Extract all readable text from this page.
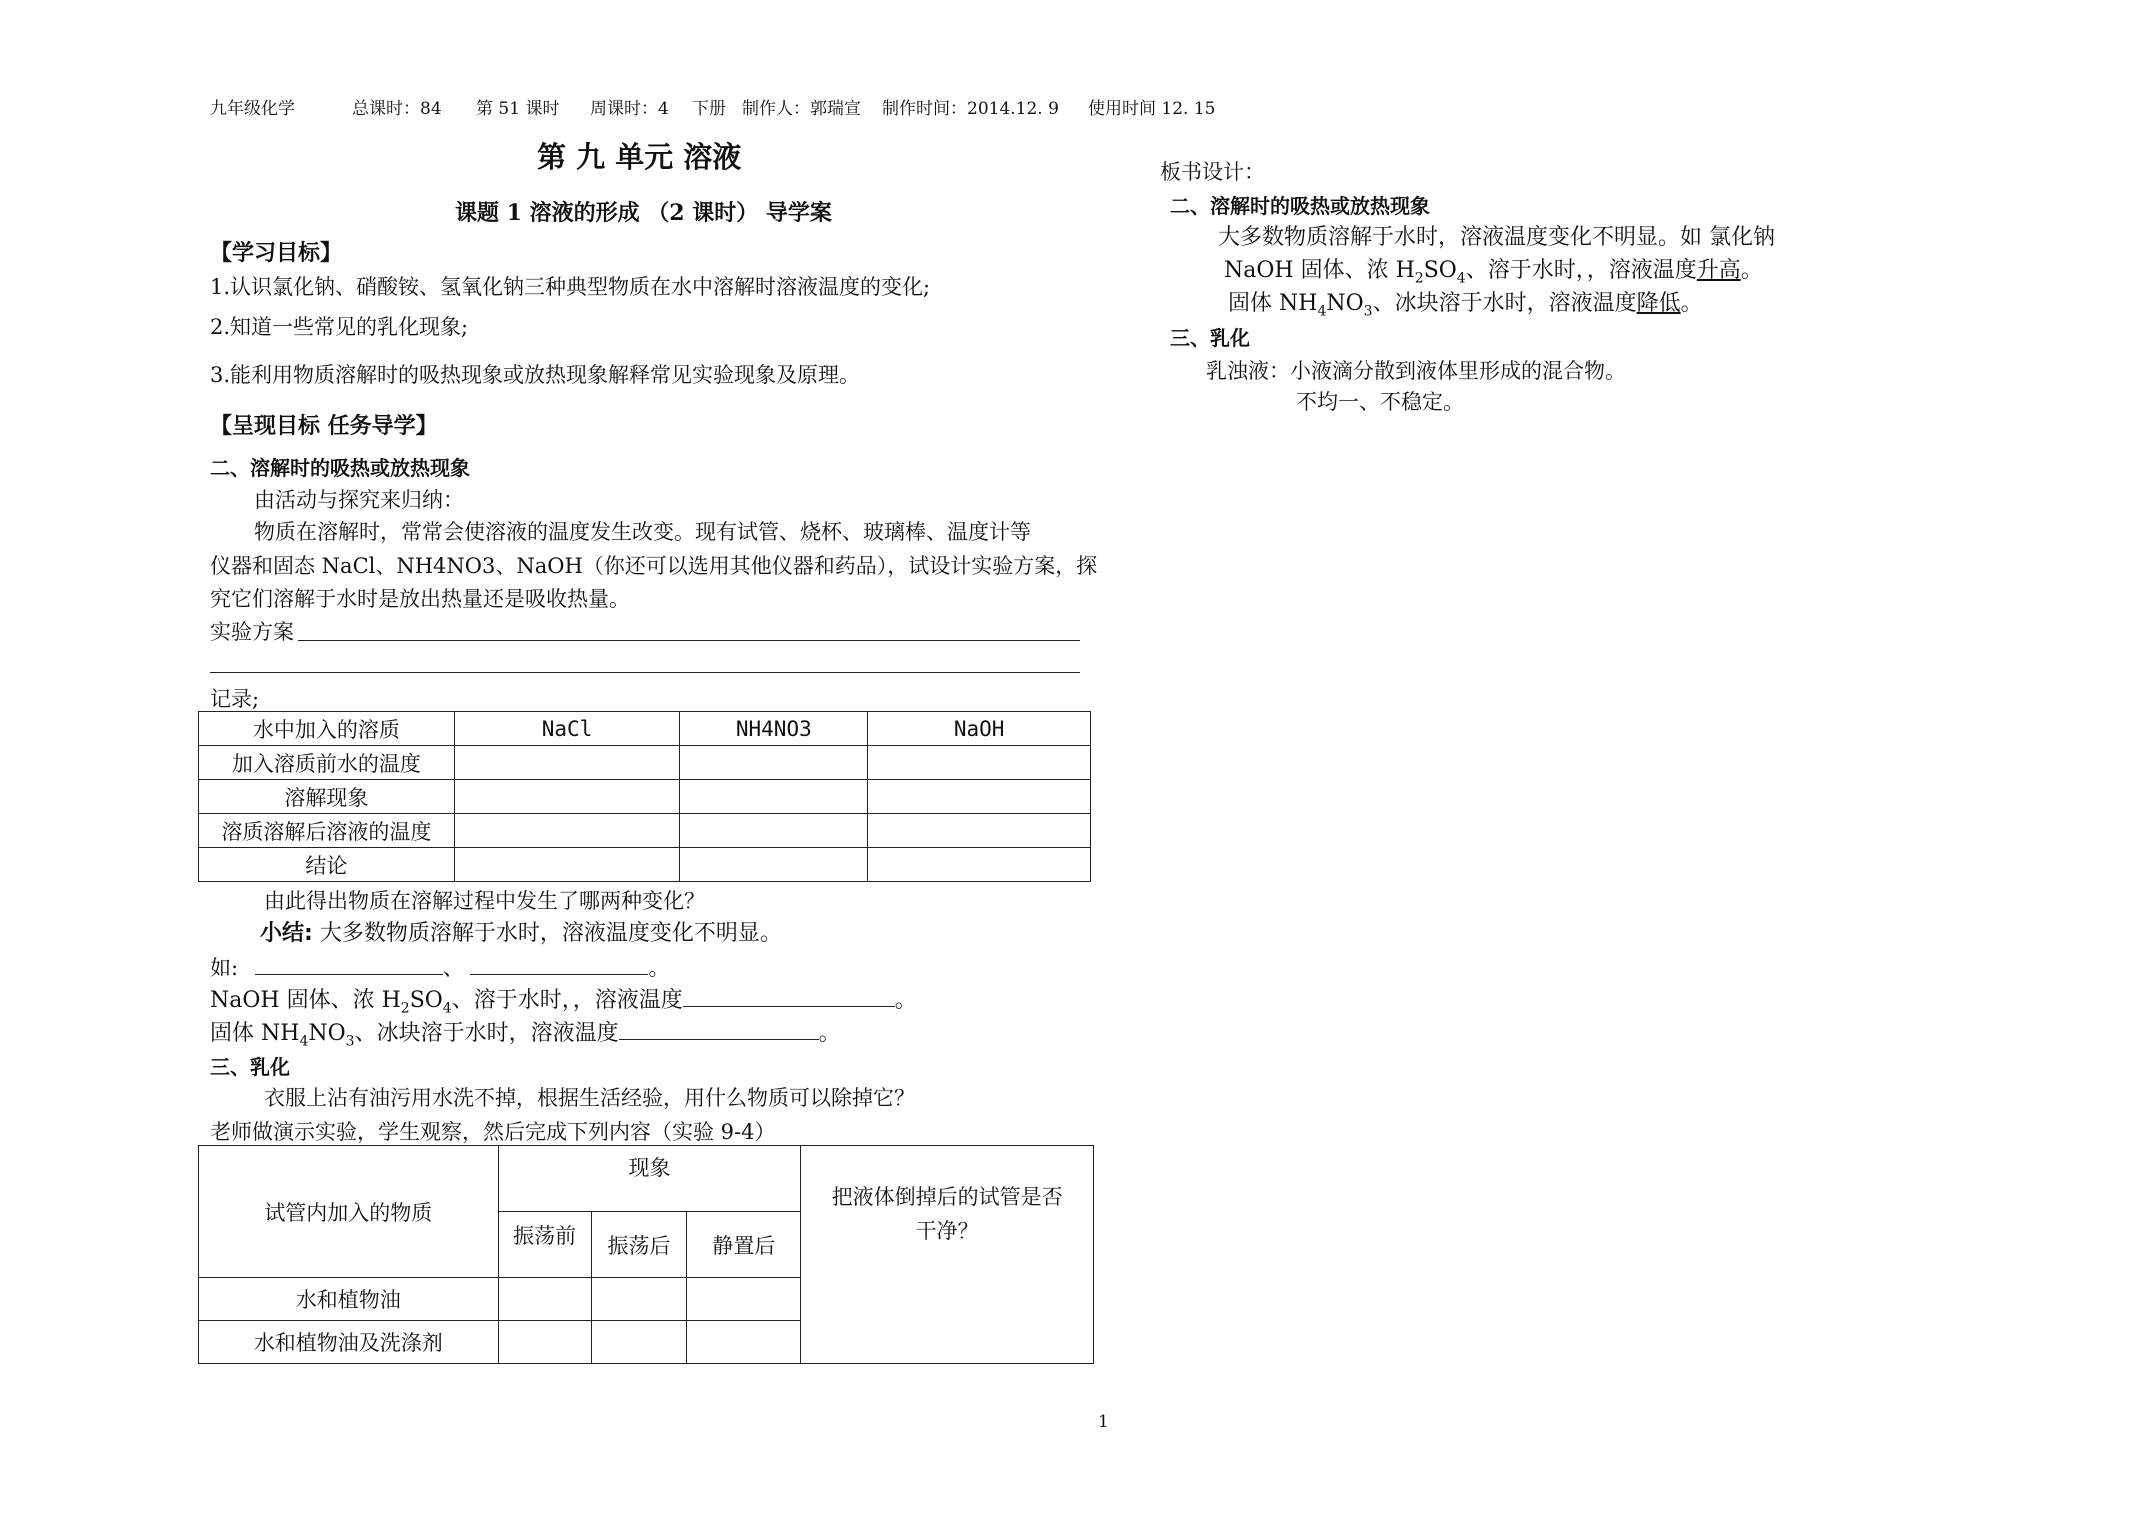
九年级化学	总课时：84 第 51 课时 周课时：4 下册 制作人：郭瑞宣 制作时间：2014.12. 9 使用时间 12. 15
第 九 单元 溶液
课题 1 溶液的形成 （2 课时） 导学案
【学习目标】
1.认识氯化钠、硝酸铵、氢氧化钠三种典型物质在水中溶解时溶液温度的变化;
2.知道一些常见的乳化现象;
3.能利用物质溶解时的吸热现象或放热现象解释常见实验现象及原理。
【呈现目标 任务导学】
二、溶解时的吸热或放热现象
由活动与探究来归纳：
物质在溶解时，常常会使溶液的温度发生改变。现有试管、烧杯、玻璃棒、温度计等
仪器和固态 NaCl、NH4NO3、NaOH（你还可以选用其他仪器和药品），试设计实验方案，探
究它们溶解于水时是放出热量还是吸收热量。
实验方案
记录;
水中加入的溶质	NaCl	NH4NO3	NaOH
加入溶质前水的温度			
溶解现象			
溶质溶解后溶液的温度			
结论			
由此得出物质在溶解过程中发生了哪两种变化？
小结: 大多数物质溶解于水时，溶液温度变化不明显。
如:	、	。
NaOH 固体、浓 $H_2SO_4$、溶于水时，，溶液温度	。
固体 $NH_4NO_3$、冰块溶于水时，溶液温度	。
三、乳化
衣服上沾有油污用水洗不掉，根据生活经验，用什么物质可以除掉它？
老师做演示实验，学生观察，然后完成下列内容（实验 9-4）
试管内加入的物质	现象			把液体倒掉后的试管是否
干净？

	振荡前	振荡后	静置后	
水和植物油				
水和植物油及洗涤剂				
板书设计：
二、溶解时的吸热或放热现象
大多数物质溶解于水时，溶液温度变化不明显。如 氯化钠
NaOH 固体、浓 $H_2SO_4$、溶于水时，，溶液温度升高。
固体 $NH_4NO_3$、冰块溶于水时，溶液温度降低。
三、乳化
乳浊液：小液滴分散到液体里形成的混合物。
不均一、不稳定。
1
